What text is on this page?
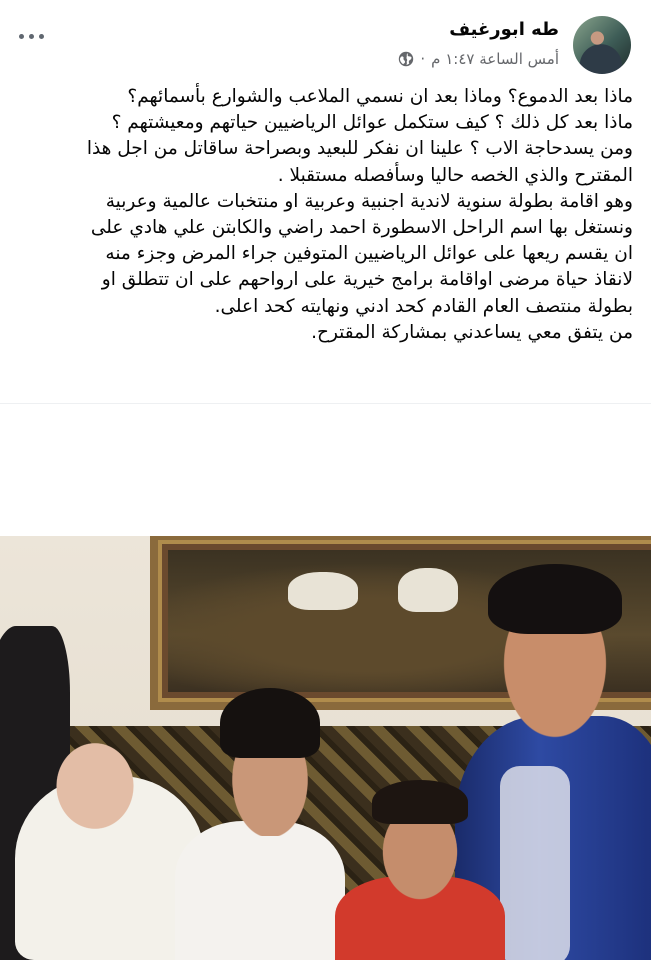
طه ابورغيف
أمس الساعة ١:٤٧ م
·

ماذا بعد الدموع؟ وماذا بعد ان نسمي الملاعب والشوارع بأسمائهم؟

ماذا بعد كل ذلك ؟ كيف ستكمل عوائل الرياضيين حياتهم ومعيشتهم ؟

ومن يسدحاجة الاب ؟ علينا ان نفكر للبعيد وبصراحة ساقاتل من اجل هذا

المقترح والذي الخصه حاليا وسأفصله مستقبلا .

وهو اقامة بطولة سنوية لاندية اجنبية وعربية او منتخبات عالمية وعربية

ونستغل بها اسم الراحل الاسطورة احمد راضي والكابتن علي هادي على

ان يقسم ريعها على عوائل الرياضيين المتوفين جراء المرض وجزء منه

لانقاذ حياة مرضى اواقامة برامج خيرية على ارواحهم على ان تتطلق او

بطولة منتصف العام القادم كحد ادني ونهايته كحد اعلى.

من يتفق معي يساعدني بمشاركة المقترح.
